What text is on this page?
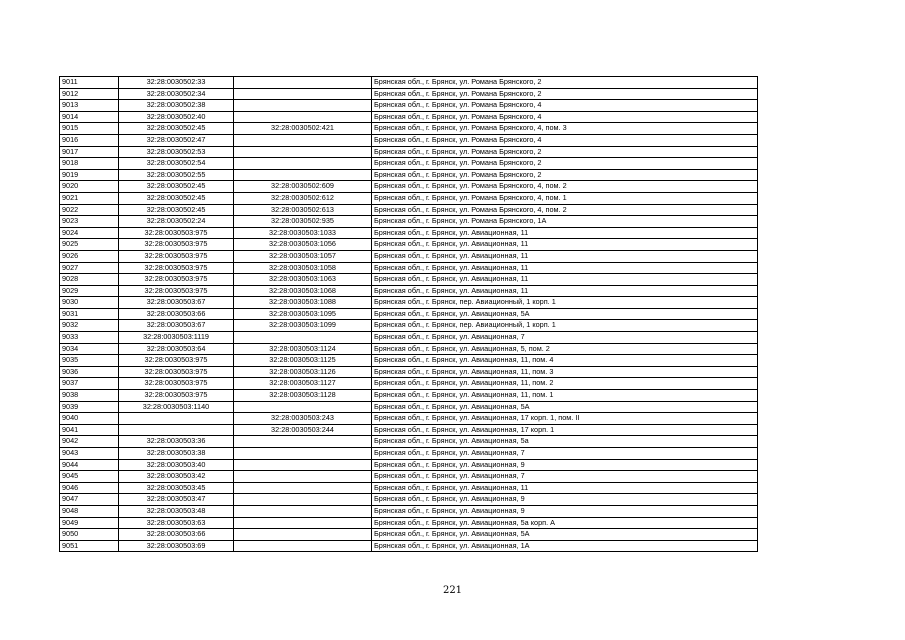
9011	32:28:0030502:33		Брянская обл., г. Брянск, ул. Романа Брянского, 2
9012	32:28:0030502:34		Брянская обл., г. Брянск, ул. Романа Брянского, 2
9013	32:28:0030502:38		Брянская обл., г. Брянск, ул. Романа Брянского, 4
9014	32:28:0030502:40		Брянская обл., г. Брянск, ул. Романа Брянского, 4
9015	32:28:0030502:45	32:28:0030502:421	Брянская обл., г. Брянск, ул. Романа Брянского, 4, пом. 3
9016	32:28:0030502:47		Брянская обл., г. Брянск, ул. Романа Брянского, 4
9017	32:28:0030502:53		Брянская обл., г. Брянск, ул. Романа Брянского, 2
9018	32:28:0030502:54		Брянская обл., г. Брянск, ул. Романа Брянского, 2
9019	32:28:0030502:55		Брянская обл., г. Брянск, ул. Романа Брянского, 2
9020	32:28:0030502:45	32:28:0030502:609	Брянская обл., г. Брянск, ул. Романа Брянского, 4, пом. 2
9021	32:28:0030502:45	32:28:0030502:612	Брянская обл., г. Брянск, ул. Романа Брянского, 4, пом. 1
9022	32:28:0030502:45	32:28:0030502:613	Брянская обл., г. Брянск, ул. Романа Брянского, 4, пом. 2
9023	32:28:0030502:24	32:28:0030502:935	Брянская обл., г. Брянск, ул. Романа Брянского, 1А
9024	32:28:0030503:975	32:28:0030503:1033	Брянская обл., г. Брянск, ул. Авиационная, 11
9025	32:28:0030503:975	32:28:0030503:1056	Брянская обл., г. Брянск, ул. Авиационная, 11
9026	32:28:0030503:975	32:28:0030503:1057	Брянская обл., г. Брянск, ул. Авиационная, 11
9027	32:28:0030503:975	32:28:0030503:1058	Брянская обл., г. Брянск, ул. Авиационная, 11
9028	32:28:0030503:975	32:28:0030503:1063	Брянская обл., г. Брянск, ул. Авиационная, 11
9029	32:28:0030503:975	32:28:0030503:1068	Брянская обл., г. Брянск, ул. Авиационная, 11
9030	32:28:0030503:67	32:28:0030503:1088	Брянская обл., г. Брянск, пер. Авиационный, 1 корп. 1
9031	32:28:0030503:66	32:28:0030503:1095	Брянская обл., г. Брянск, ул. Авиационная, 5А
9032	32:28:0030503:67	32:28:0030503:1099	Брянская обл., г. Брянск, пер. Авиационный, 1 корп. 1
9033	32:28:0030503:1119		Брянская обл., г. Брянск, ул. Авиационная, 7
9034	32:28:0030503:64	32:28:0030503:1124	Брянская обл., г. Брянск, ул. Авиационная, 5, пом. 2
9035	32:28:0030503:975	32:28:0030503:1125	Брянская обл., г. Брянск, ул. Авиационная, 11, пом. 4
9036	32:28:0030503:975	32:28:0030503:1126	Брянская обл., г. Брянск, ул. Авиационная, 11, пом. 3
9037	32:28:0030503:975	32:28:0030503:1127	Брянская обл., г. Брянск, ул. Авиационная, 11, пом. 2
9038	32:28:0030503:975	32:28:0030503:1128	Брянская обл., г. Брянск, ул. Авиационная, 11, пом. 1
9039	32:28:0030503:1140		Брянская обл., г. Брянск, ул. Авиационная, 5А
9040		32:28:0030503:243	Брянская обл., г. Брянск, ул. Авиационная, 17 корп. 1, пом. II
9041		32:28:0030503:244	Брянская обл., г. Брянск, ул. Авиационная, 17 корп. 1
9042	32:28:0030503:36		Брянская обл., г. Брянск, ул. Авиационная, 5а
9043	32:28:0030503:38		Брянская обл., г. Брянск, ул. Авиационная, 7
9044	32:28:0030503:40		Брянская обл., г. Брянск, ул. Авиационная, 9
9045	32:28:0030503:42		Брянская обл., г. Брянск, ул. Авиационная, 7
9046	32:28:0030503:45		Брянская обл., г. Брянск, ул. Авиационная, 11
9047	32:28:0030503:47		Брянская обл., г. Брянск, ул. Авиационная, 9
9048	32:28:0030503:48		Брянская обл., г. Брянск, ул. Авиационная, 9
9049	32:28:0030503:63		Брянская обл., г. Брянск, ул. Авиационная, 5а корп. А
9050	32:28:0030503:66		Брянская обл., г. Брянск, ул. Авиационная, 5А
9051	32:28:0030503:69		Брянская обл., г. Брянск, ул. Авиационная, 1А
221
